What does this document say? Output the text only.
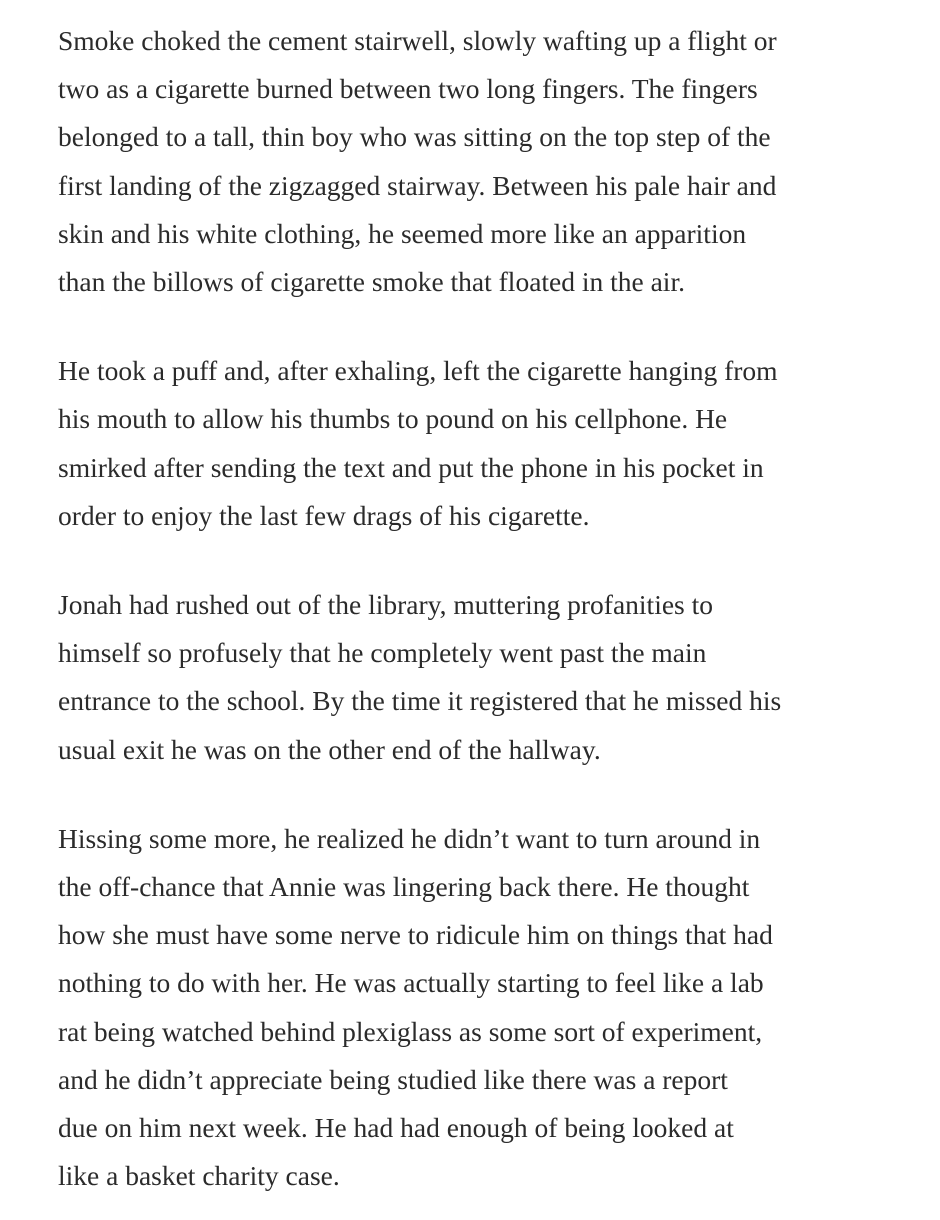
Smoke choked the cement stairwell, slowly wafting up a flight or
two as a cigarette burned between two long fingers. The fingers
belonged to a tall, thin boy who was sitting on the top step of the
first landing of the zigzagged stairway. Between his pale hair and
skin and his white clothing, he seemed more like an apparition
than the billows of cigarette smoke that floated in the air.

He took a puff and, after exhaling, left the cigarette hanging from
his mouth to allow his thumbs to pound on his cellphone. He
smirked after sending the text and put the phone in his pocket in
order to enjoy the last few drags of his cigarette.

Jonah had rushed out of the library, muttering profanities to
himself so profusely that he completely went past the main
entrance to the school. By the time it registered that he missed his
usual exit he was on the other end of the hallway.

Hissing some more, he realized he didn’t want to turn around in
the off-chance that Annie was lingering back there. He thought
how she must have some nerve to ridicule him on things that had
nothing to do with her. He was actually starting to feel like a lab
rat being watched behind plexiglass as some sort of experiment,
and he didn’t appreciate being studied like there was a report
due on him next week. He had had enough of being looked at
like a basket charity case.
